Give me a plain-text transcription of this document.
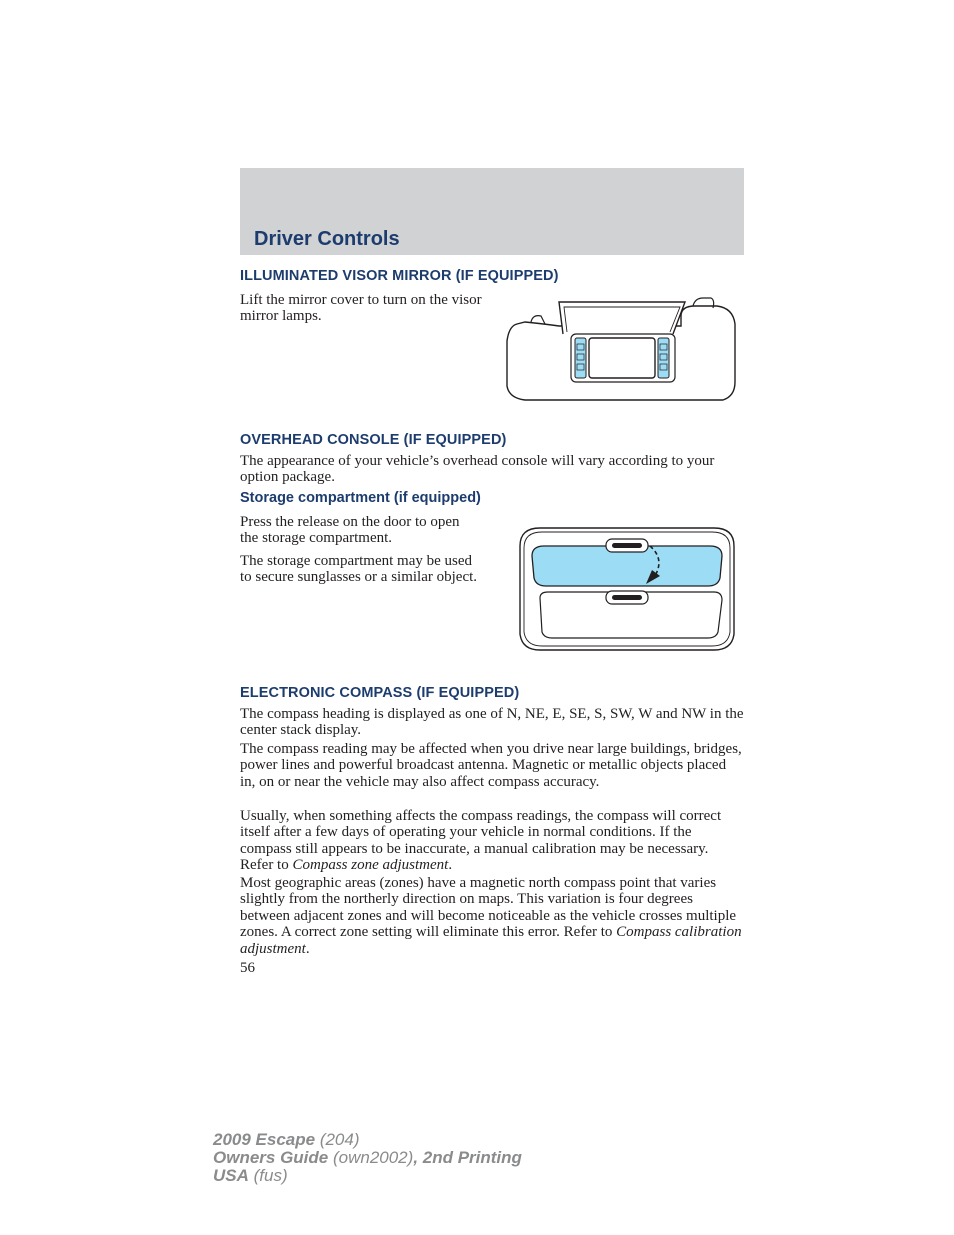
Driver Controls
ILLUMINATED VISOR MIRROR (IF EQUIPPED)

Lift the mirror cover to turn on the visor mirror lamps.

OVERHEAD CONSOLE (IF EQUIPPED)

The appearance of your vehicle’s overhead console will vary according to your option package.

Storage compartment (if equipped)

Press the release on the door to open the storage compartment.

The storage compartment may be used to secure sunglasses or a similar object.

ELECTRONIC COMPASS (IF EQUIPPED)

The compass heading is displayed as one of N, NE, E, SE, S, SW, W and NW in the center stack display.

The compass reading may be affected when you drive near large buildings, bridges, power lines and powerful broadcast antenna. Magnetic or metallic objects placed in, on or near the vehicle may also affect compass accuracy.

Usually, when something affects the compass readings, the compass will correct itself after a few days of operating your vehicle in normal conditions. If the compass still appears to be inaccurate, a manual calibration may be necessary. Refer to Compass zone adjustment.

Most geographic areas (zones) have a magnetic north compass point that varies slightly from the northerly direction on maps. This variation is four degrees between adjacent zones and will become noticeable as the vehicle crosses multiple zones. A correct zone setting will eliminate this error. Refer to Compass calibration adjustment.

56

2009 Escape (204)
Owners Guide (own2002), 2nd Printing
USA (fus)
